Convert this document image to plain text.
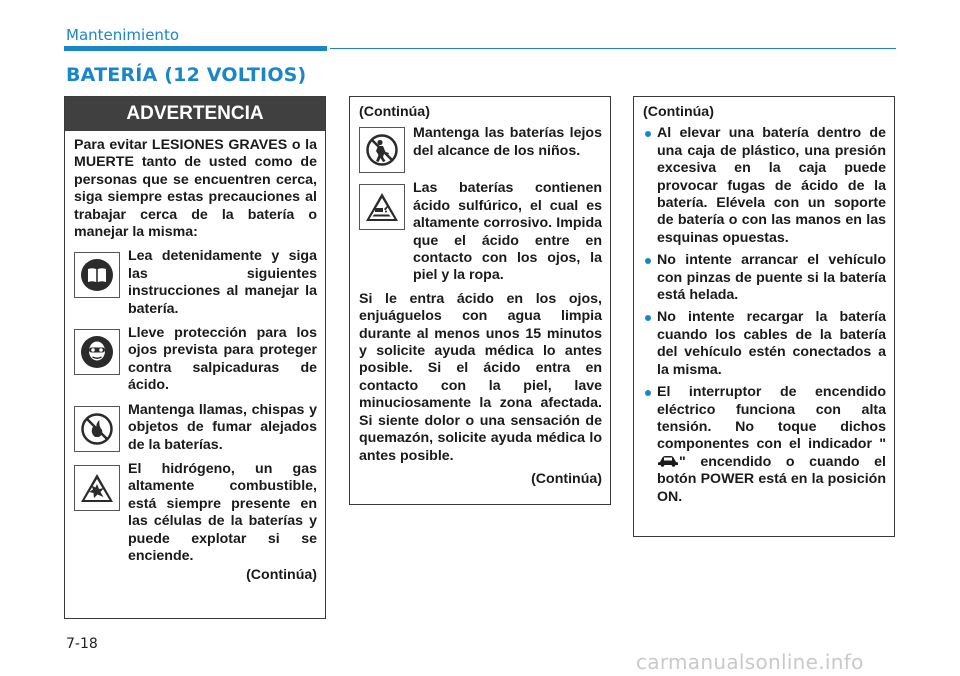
Mantenimiento
BATERÍA (12 VOLTIOS)
ADVERTENCIA
Para evitar LESIONES GRAVES o la MUERTE tanto de usted como de personas que se encuentren cerca, siga siempre estas precauciones al trabajar cerca de la batería o manejar la misma:
Lea detenidamente y siga las siguientes instrucciones al manejar la batería.
Lleve protección para los ojos prevista para proteger contra salpicaduras de ácido.
Mantenga llamas, chispas y objetos de fumar alejados de la baterías.
El hidrógeno, un gas altamente combustible, está siempre presente en las células de la baterías y puede explotar si se enciende.
(Continúa)
(Continúa)
Mantenga las baterías lejos del alcance de los niños.
Las baterías contienen ácido sulfúrico, el cual es altamente corrosivo. Impida que el ácido entre en contacto con los ojos, la piel y la ropa.
Si le entra ácido en los ojos, enjuáguelos con agua limpia durante al menos unos 15 minutos y solicite ayuda médica lo antes posible. Si el ácido entra en contacto con la piel, lave minuciosamente la zona afectada. Si siente dolor o una sensación de quemazón, solicite ayuda médica lo antes posible.
(Continúa)
(Continúa)
Al elevar una batería dentro de una caja de plástico, una presión excesiva en la caja puede provocar fugas de ácido de la batería. Elévela con un soporte de batería o con las manos en las esquinas opuestas.
No intente arrancar el vehículo con pinzas de puente si la batería está helada.
No intente recargar la batería cuando los cables de la batería del vehículo estén conectados a la misma.
El interruptor de encendido eléctrico funciona con alta tensión. No toque dichos componentes con el indicador "" encendido o cuando el botón POWER está en la posición ON.
7-18
carmanualsonline.info
